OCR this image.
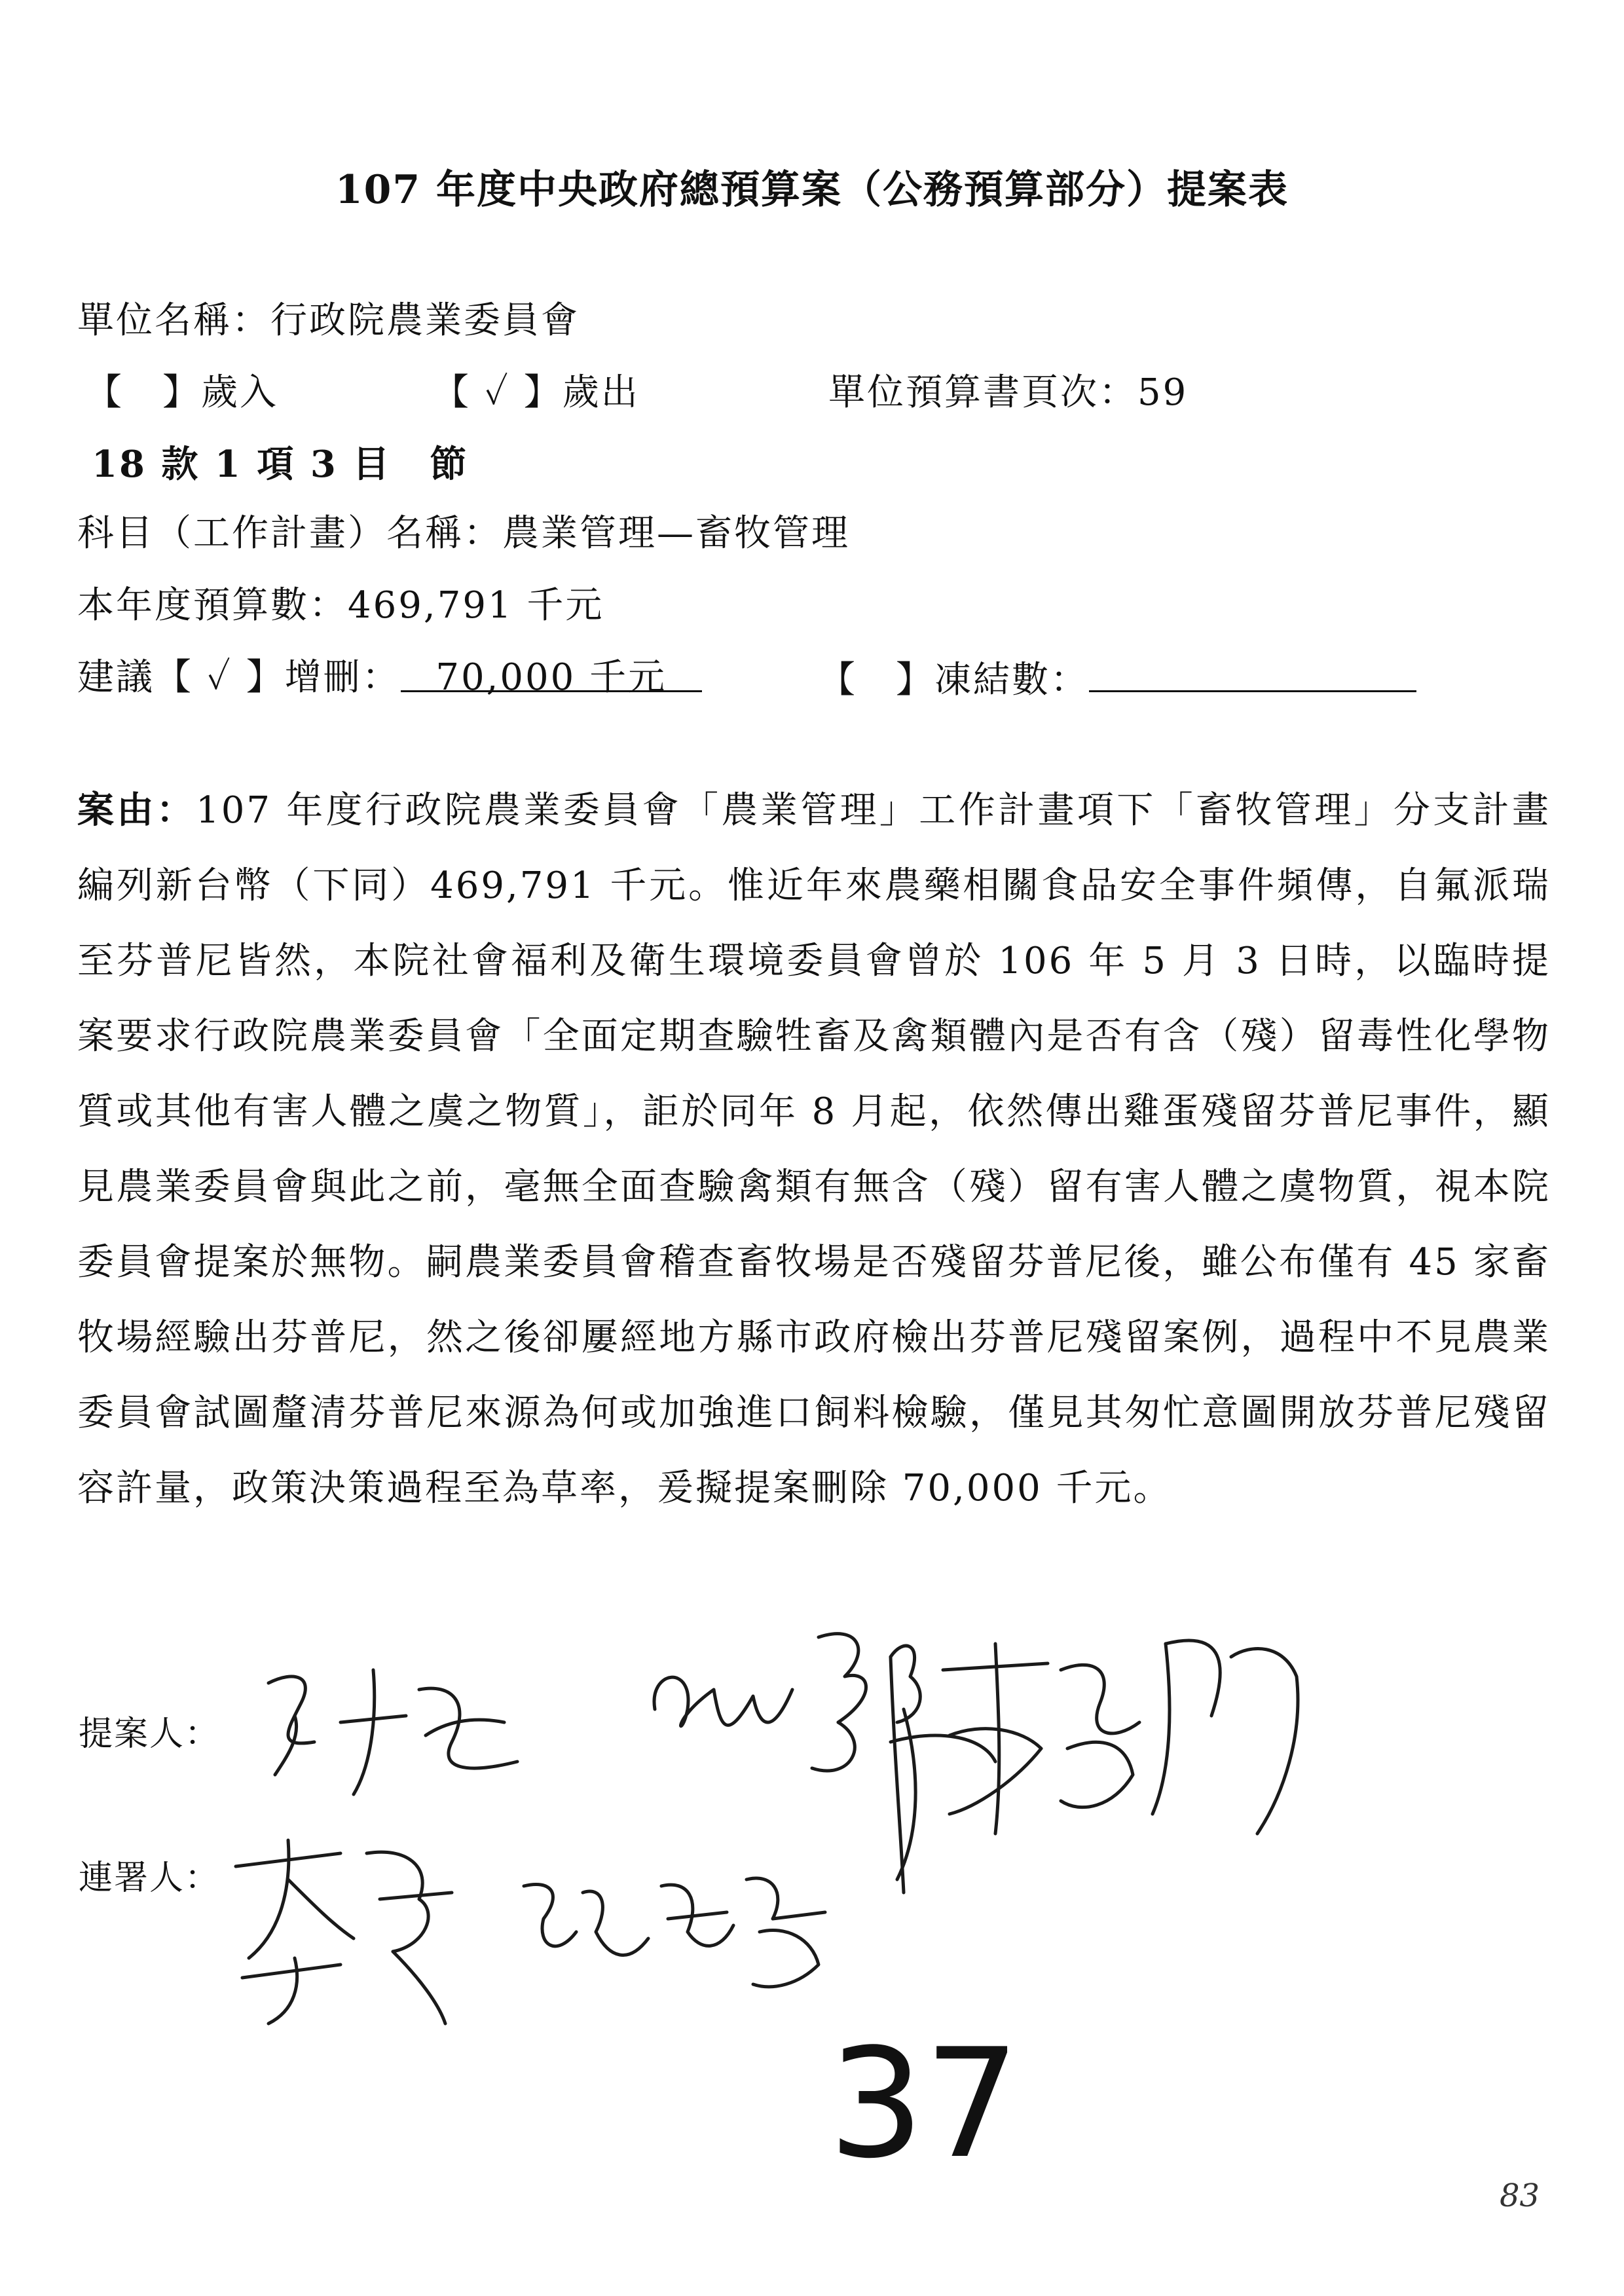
107 年度中央政府總預算案（公務預算部分）提案表
單位名稱：行政院農業委員會
【　】歲入	【 ✓ 】歲出	單位預算書頁次：59
18 款 1 項 3 目　節
科目（工作計畫）名稱：農業管理—畜牧管理
本年度預算數：469,791 千元
建議【 ✓ 】增刪： 70,000 千元	【　】凍結數：
案由：107 年度行政院農業委員會「農業管理」工作計畫項下「畜牧管理」分支計畫編列新台幣（下同）469,791 千元。惟近年來農藥相關食品安全事件頻傳，自氟派瑞至芬普尼皆然，本院社會福利及衛生環境委員會曾於 106 年 5 月 3 日時，以臨時提案要求行政院農業委員會「全面定期查驗牲畜及禽類體內是否有含（殘）留毒性化學物質或其他有害人體之虞之物質」，詎於同年 8 月起，依然傳出雞蛋殘留芬普尼事件，顯見農業委員會與此之前，毫無全面查驗禽類有無含（殘）留有害人體之虞物質，視本院委員會提案於無物。嗣農業委員會稽查畜牧場是否殘留芬普尼後，雖公布僅有 45 家畜牧場經驗出芬普尼，然之後卻屢經地方縣市政府檢出芬普尼殘留案例，過程中不見農業委員會試圖釐清芬普尼來源為何或加強進口飼料檢驗，僅見其匆忙意圖開放芬普尼殘留容許量，政策決策過程至為草率，爰擬提案刪除 70,000 千元。
提案人：
連署人：
37
83
